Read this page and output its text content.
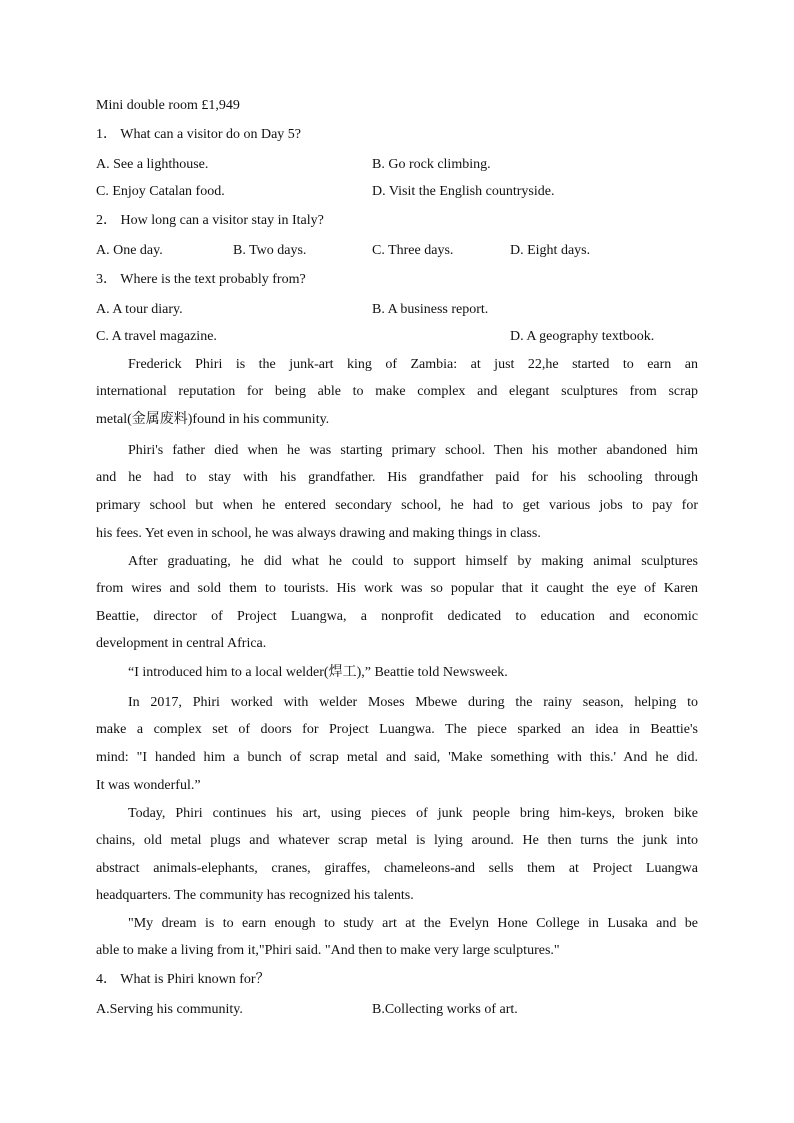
Mini double room £1,949
1． What can a visitor do on Day 5?
A. See a lighthouse.	B. Go rock climbing.
C. Enjoy Catalan food.	D. Visit the English countryside.
2． How long can a visitor stay in Italy?
A. One day.	B. Two days.	C. Three days.	D. Eight days.
3． Where is the text probably from?
A. A tour diary.	B. A business report.
C. A travel magazine.	D. A geography textbook.
Frederick Phiri is the junk-art king of Zambia: at just 22,he started to earn an
international reputation for being able to make complex and elegant sculptures from scrap
metal(金属废料)found in his community.
Phiri's father died when he was starting primary school. Then his mother abandoned him
and he had to stay with his grandfather. His grandfather paid for his schooling through
primary school but when he entered secondary school, he had to get various jobs to pay for
his fees. Yet even in school, he was always drawing and making things in class.
After graduating, he did what he could to support himself by making animal sculptures
from wires and sold them to tourists. His work was so popular that it caught the eye of Karen
Beattie, director of Project Luangwa, a nonprofit dedicated to education and economic
development in central Africa.
“I introduced him to a local welder(焊工),” Beattie told Newsweek.
In 2017, Phiri worked with welder Moses Mbewe during the rainy season, helping to
make a complex set of doors for Project Luangwa. The piece sparked an idea in Beattie's
mind: "I handed him a bunch of scrap metal and said, 'Make something with this.' And he did.
It was wonderful.”
Today, Phiri continues his art, using pieces of junk people bring him-keys, broken bike
chains, old metal plugs and whatever scrap metal is lying around. He then turns the junk into
abstract animals-elephants, cranes, giraffes, chameleons-and sells them at Project Luangwa
headquarters. The community has recognized his talents.
"My dream is to earn enough to study art at the Evelyn Hone College in Lusaka and be
able to make a living from it,"Phiri said. "And then to make very large sculptures."
4． What is Phiri known for？
A.Serving his community.	B.Collecting works of art.
